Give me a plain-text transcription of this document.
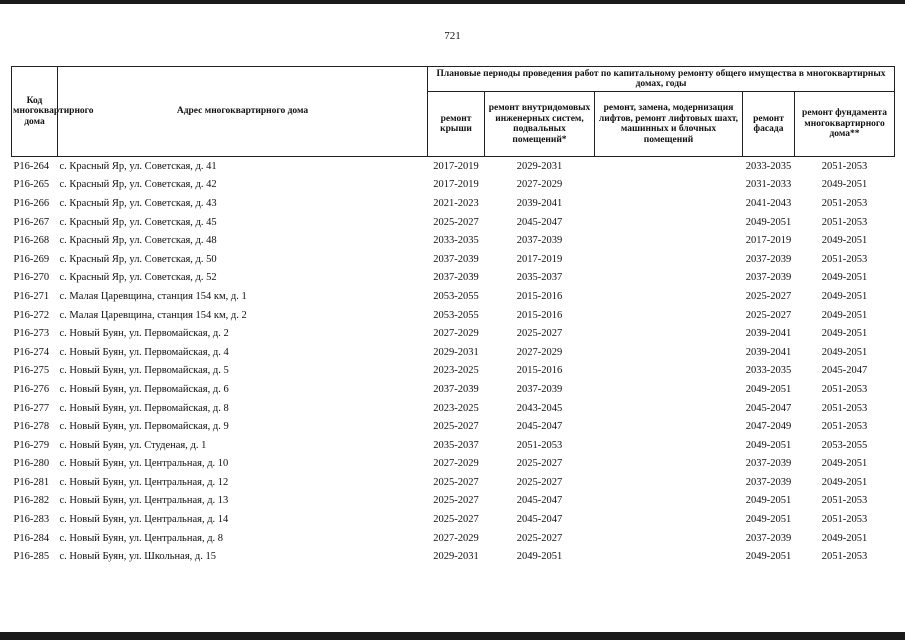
721
Код многоквартирного дома	Адрес многоквартирного дома	Плановые периоды проведения работ по капитальному ремонту общего имущества в многоквартирных домах, годы				
		ремонт крыши	ремонт внутридомовых инженерных систем, подвальных помещений*	ремонт, замена, модернизация лифтов, ремонт лифтовых шахт, машинных и блочных помещений	ремонт фасада	ремонт фундамента многоквартирного дома**
Р16-264	с. Красный Яр, ул. Советская, д. 41	2017-2019	2029-2031		2033-2035	2051-2053
Р16-265	с. Красный Яр, ул. Советская, д. 42	2017-2019	2027-2029		2031-2033	2049-2051
Р16-266	с. Красный Яр, ул. Советская, д. 43	2021-2023	2039-2041		2041-2043	2051-2053
Р16-267	с. Красный Яр, ул. Советская, д. 45	2025-2027	2045-2047		2049-2051	2051-2053
Р16-268	с. Красный Яр, ул. Советская, д. 48	2033-2035	2037-2039		2017-2019	2049-2051
Р16-269	с. Красный Яр, ул. Советская, д. 50	2037-2039	2017-2019		2037-2039	2051-2053
Р16-270	с. Красный Яр, ул. Советская, д. 52	2037-2039	2035-2037		2037-2039	2049-2051
Р16-271	с. Малая Царевщина, станция 154 км, д. 1	2053-2055	2015-2016		2025-2027	2049-2051
Р16-272	с. Малая Царевщина, станция 154 км, д. 2	2053-2055	2015-2016		2025-2027	2049-2051
Р16-273	с. Новый Буян, ул. Первомайская, д. 2	2027-2029	2025-2027		2039-2041	2049-2051
Р16-274	с. Новый Буян, ул. Первомайская, д. 4	2029-2031	2027-2029		2039-2041	2049-2051
Р16-275	с. Новый Буян, ул. Первомайская, д. 5	2023-2025	2015-2016		2033-2035	2045-2047
Р16-276	с. Новый Буян, ул. Первомайская, д. 6	2037-2039	2037-2039		2049-2051	2051-2053
Р16-277	с. Новый Буян, ул. Первомайская, д. 8	2023-2025	2043-2045		2045-2047	2051-2053
Р16-278	с. Новый Буян, ул. Первомайская, д. 9	2025-2027	2045-2047		2047-2049	2051-2053
Р16-279	с. Новый Буян, ул. Студеная, д. 1	2035-2037	2051-2053		2049-2051	2053-2055
Р16-280	с. Новый Буян, ул. Центральная, д. 10	2027-2029	2025-2027		2037-2039	2049-2051
Р16-281	с. Новый Буян, ул. Центральная, д. 12	2025-2027	2025-2027		2037-2039	2049-2051
Р16-282	с. Новый Буян, ул. Центральная, д. 13	2025-2027	2045-2047		2049-2051	2051-2053
Р16-283	с. Новый Буян, ул. Центральная, д. 14	2025-2027	2045-2047		2049-2051	2051-2053
Р16-284	с. Новый Буян, ул. Центральная, д. 8	2027-2029	2025-2027		2037-2039	2049-2051
Р16-285	с. Новый Буян, ул. Школьная, д. 15	2029-2031	2049-2051		2049-2051	2051-2053
